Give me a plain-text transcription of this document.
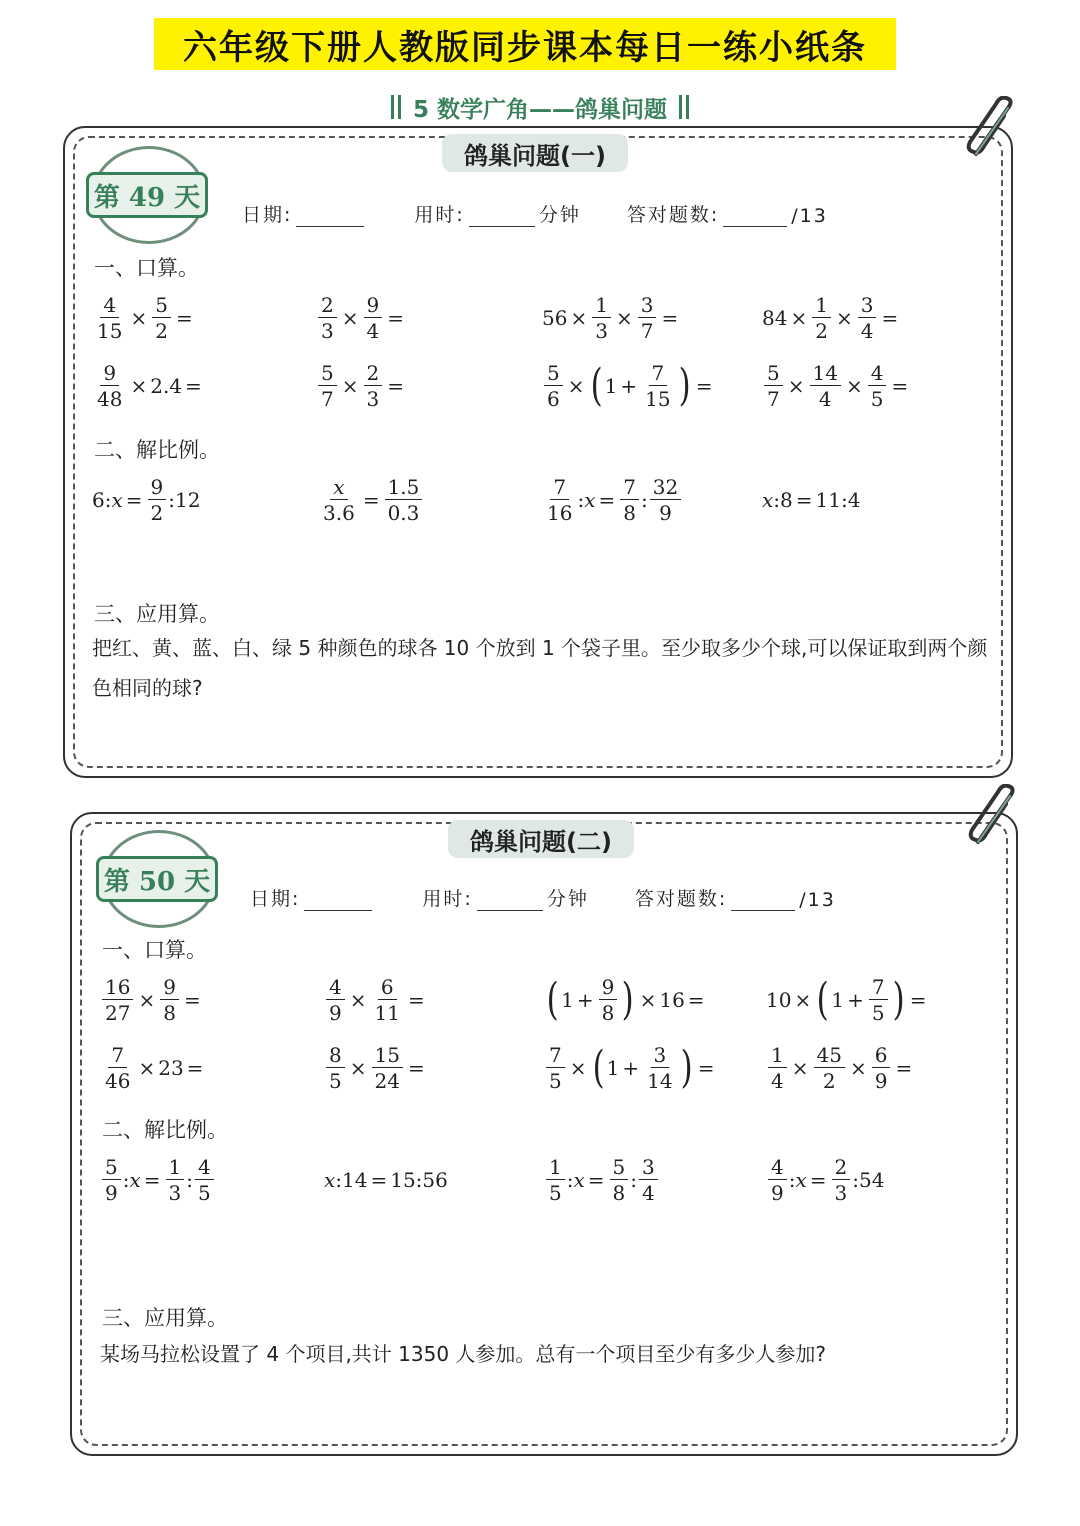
六年级下册人教版同步课本每日一练小纸条
5 数学广角——鸽巢问题
鸽巢问题(一)
第 49 天
日期:	用时:	分钟 答对题数:	/13
一、口算。
$\frac{4}{15} \times \frac{5}{2}$ =	$\frac{2}{3} \times \frac{9}{4}$ =	$56 \times \frac{1}{3} \times \frac{3}{7}$ =	$84 \times \frac{1}{2} \times \frac{3}{4}$ =
$\frac{9}{48} \times 2.4$ =	$\frac{5}{7} \times \frac{2}{3}$ =	$\frac{5}{6}$ × ( $1 + \frac{7}{15}$ ) =	$\frac{5}{7} \times \frac{14}{4} \times \frac{4}{5}$ =
二、解比例。
6 : $x = \frac{9}{2}$ : 12	$\frac{x}{3.6} = \frac{1.5}{0.3}$	$\frac{7}{16}$ : $x = \frac{7}{8}$ : $\frac{32}{9}$	x :8 = 11:4
三、应用算。
把红、黄、蓝、白、绿 5 种颜色的球各 10 个放到 1 个袋子里。至少取多少个球,可以保证取到两个颜色相同的球?
鸽巢问题(二)
第 50 天
日期:	用时:	分钟 答对题数:	/13
一、口算。
$\frac{16}{27} \times \frac{9}{8}$ =	$\frac{4}{9} \times \frac{6}{11}$ =	( $1 + \frac{9}{8}$ ) × 16 =	10 × ( $1 + \frac{7}{5}$ ) =
$\frac{7}{46} \times 23$ =	$\frac{8}{5} \times \frac{15}{24}$ =	$\frac{7}{5}$ × ( $1 + \frac{3}{14}$ ) =	$\frac{1}{4} \times \frac{45}{2} \times \frac{6}{9}$ =
二、解比例。
$\frac{5}{9}$ : $x = \frac{1}{3}$ : $\frac{4}{5}$	x :14 = 15:56	$\frac{1}{5}$ : $x = \frac{5}{8}$ : $\frac{3}{4}$	$\frac{4}{9}$ : $x = \frac{2}{3}$ : 54
三、应用算。
某场马拉松设置了 4 个项目,共计 1350 人参加。总有一个项目至少有多少人参加?
